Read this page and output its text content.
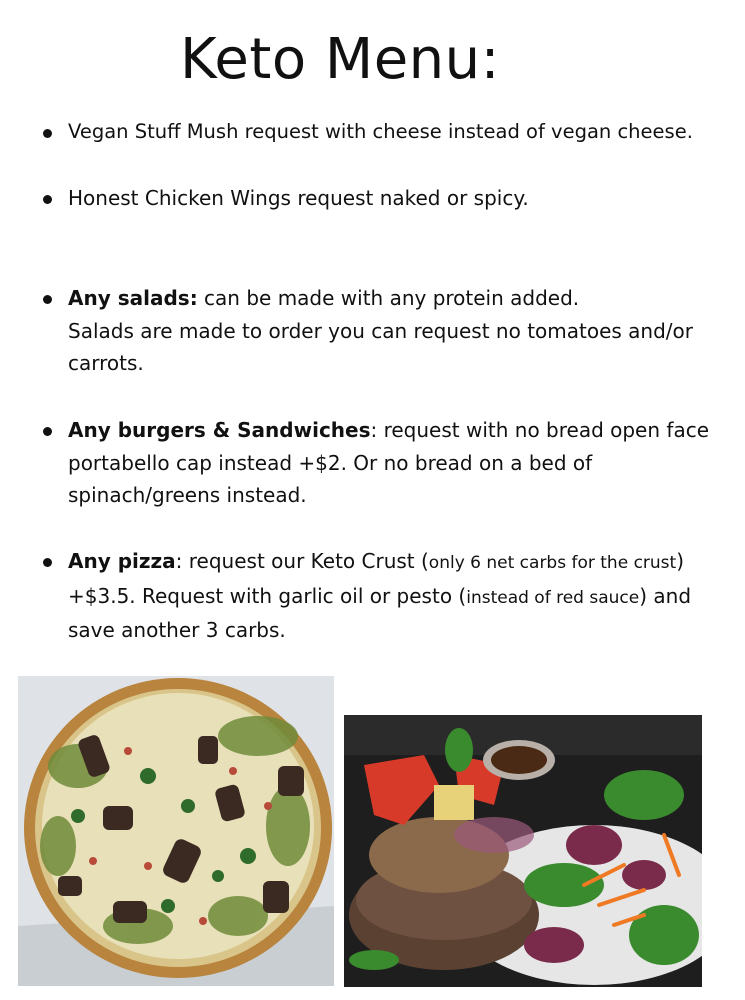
Keto Menu:
Vegan Stuff Mush request with cheese instead of vegan cheese.
Honest Chicken Wings request naked or spicy.
Any salads: can be made with any protein added.
Salads are made to order you can request no tomatoes and/or carrots.
Any burgers & Sandwiches: request with no bread open face portabello cap instead +$2. Or no bread on a bed of spinach/greens instead.
Any pizza: request our Keto Crust (only 6 net carbs for the crust) +$3.5. Request with garlic oil or pesto (instead of red sauce) and save another 3 carbs.
